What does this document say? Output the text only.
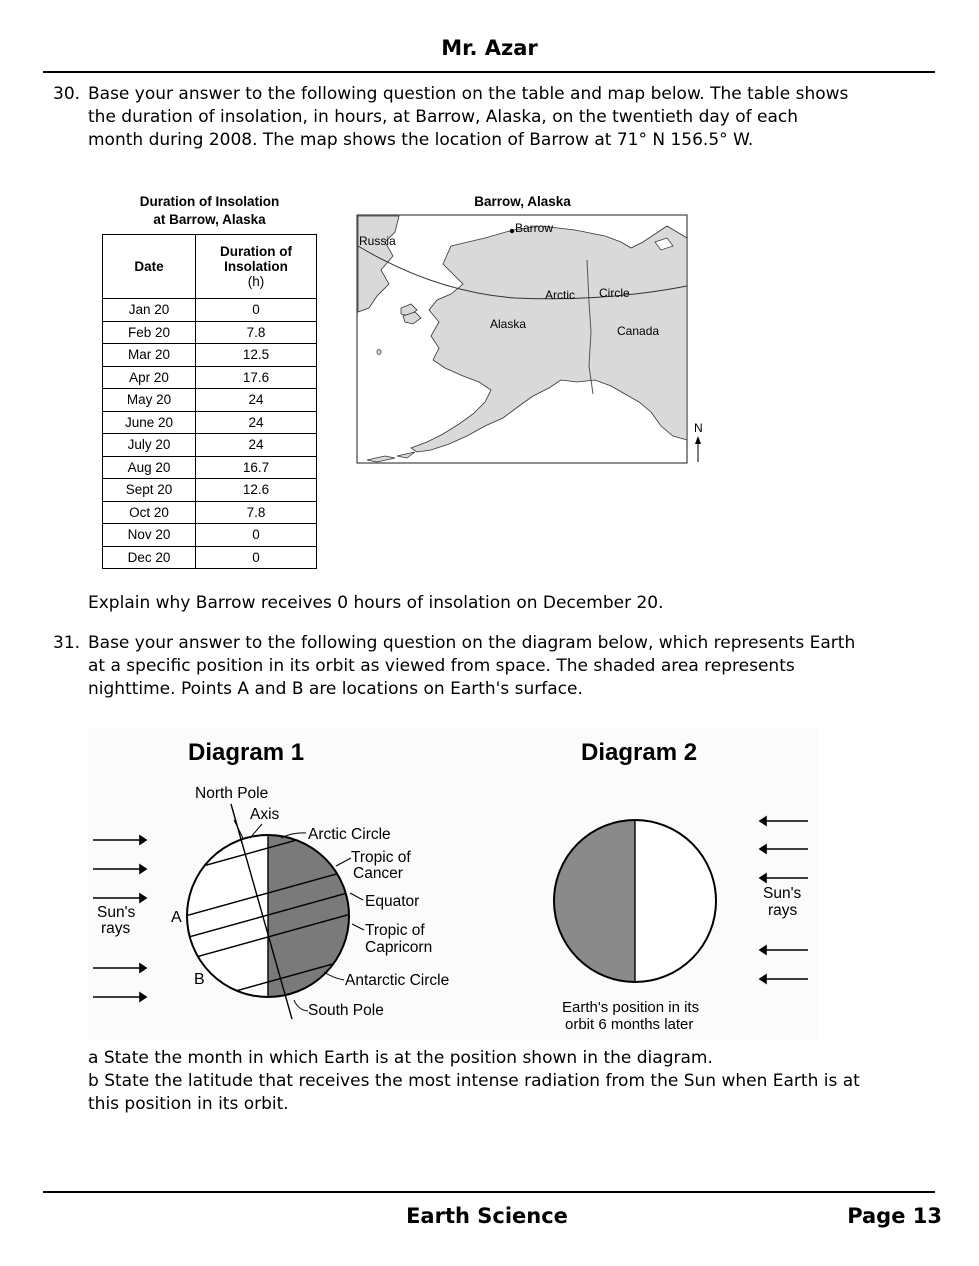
Mr. Azar
30. Base your answer to the following question on the table and map below. The table shows the duration of insolation, in hours, at Barrow, Alaska, on the twentieth day of each month during 2008. The map shows the location of Barrow at 71° N 156.5° W.
Duration of Insolation
at Barrow, Alaska
Date	Duration of
Insolation
(h)

Jan 20	0
Feb 20	7.8
Mar 20	12.5
Apr 20	17.6
May 20	24
June 20	24
July 20	24
Aug 20	16.7
Sept 20	12.6
Oct 20	7.8
Nov 20	0
Dec 20	0
Barrow, Alaska
Barrow
Russia
Arctic Circle
Alaska	Canada
N
Explain why Barrow receives 0 hours of insolation on December 20.
31. Base your answer to the following question on the diagram below, which represents Earth at a specific position in its orbit as viewed from space. The shaded area represents nighttime. Points A and B are locations on Earth's surface.
Diagram 1
North Pole
Axis
Arctic Circle
Tropic of
Cancer
Equator
Tropic of
Capricorn
Antarctic Circle
South Pole
A
B
Sun's
rays
Diagram 2
Sun's
rays
Earth's position in its
orbit 6 months later
a State the month in which Earth is at the position shown in the diagram.
b State the latitude that receives the most intense radiation from the Sun when Earth is at
this position in its orbit.
Earth Science	Page 13
